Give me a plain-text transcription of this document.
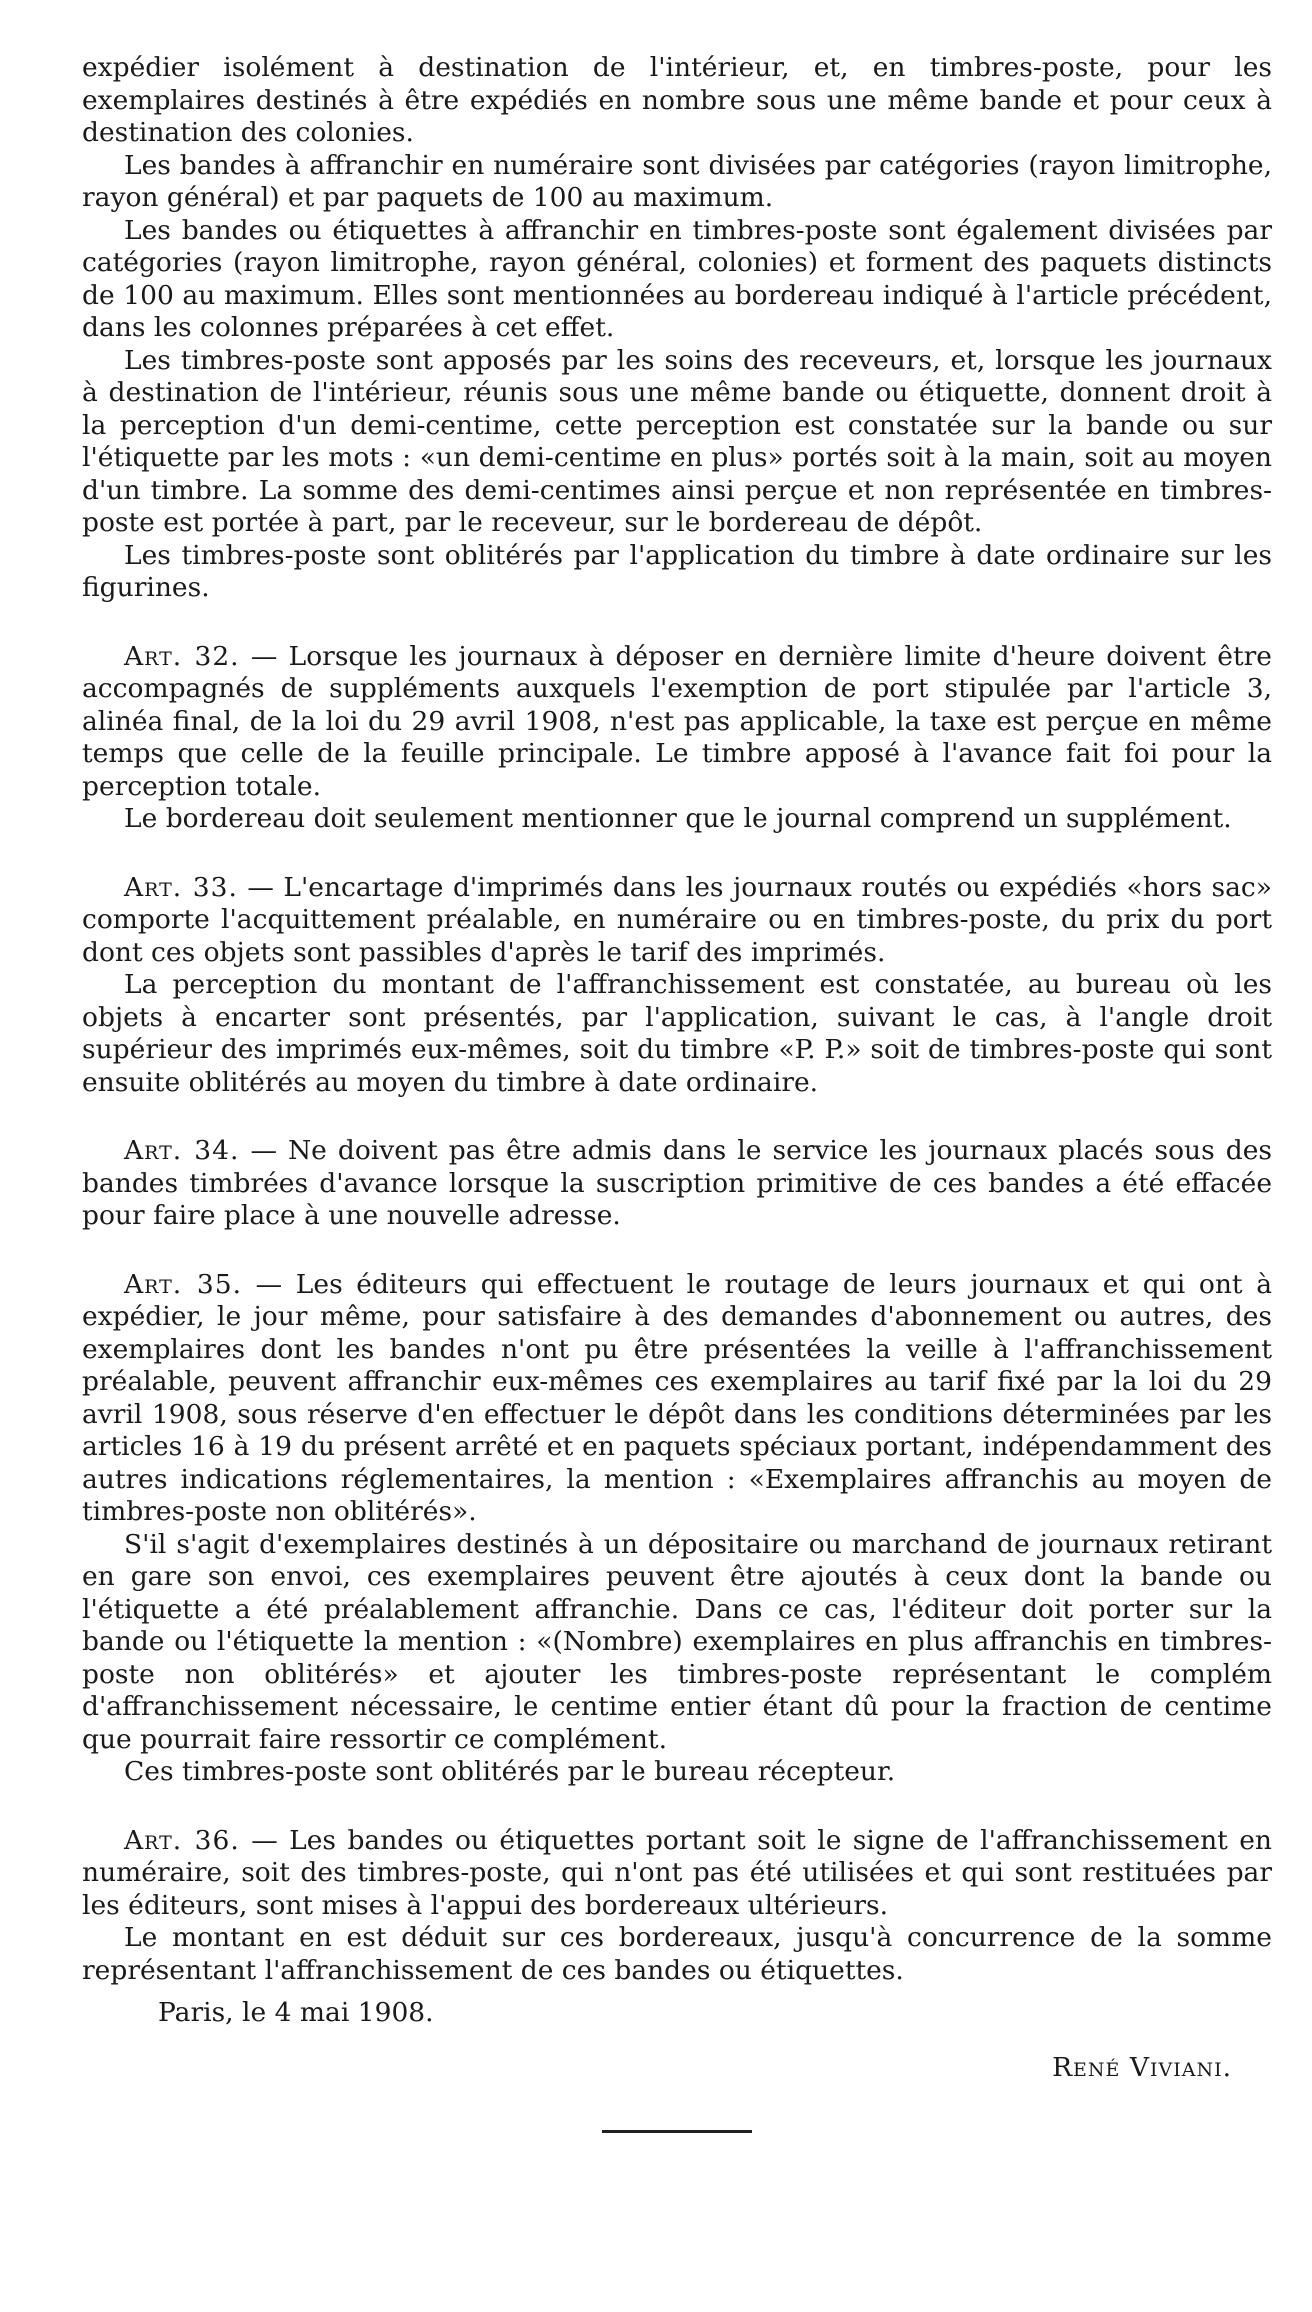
expédier isolément à destination de l'intérieur, et, en timbres-poste, pour les exemplaires destinés à être expédiés en nombre sous une même bande et pour ceux à destination des colonies.

Les bandes à affranchir en numéraire sont divisées par catégories (rayon limitrophe, rayon général) et par paquets de 100 au maximum.

Les bandes ou étiquettes à affranchir en timbres-poste sont également divisées par catégories (rayon limitrophe, rayon général, colonies) et forment des paquets distincts de 100 au maximum. Elles sont mentionnées au bordereau indiqué à l'article précédent, dans les colonnes préparées à cet effet.

Les timbres-poste sont apposés par les soins des receveurs, et, lorsque les journaux à destination de l'intérieur, réunis sous une même bande ou étiquette, donnent droit à la perception d'un demi-centime, cette perception est constatée sur la bande ou sur l'étiquette par les mots : «un demi-centime en plus» portés soit à la main, soit au moyen d'un timbre. La somme des demi-centimes ainsi perçue et non représentée en timbres-poste est portée à part, par le receveur, sur le bordereau de dépôt.

Les timbres-poste sont oblitérés par l'application du timbre à date ordinaire sur les figurines.

Art. 32. — Lorsque les journaux à déposer en dernière limite d'heure doivent être accompagnés de suppléments auxquels l'exemption de port stipulée par l'article 3, alinéa final, de la loi du 29 avril 1908, n'est pas applicable, la taxe est perçue en même temps que celle de la feuille principale. Le timbre apposé à l'avance fait foi pour la perception totale.

Le bordereau doit seulement mentionner que le journal comprend un supplément.

Art. 33. — L'encartage d'imprimés dans les journaux routés ou expédiés «hors sac» comporte l'acquittement préalable, en numéraire ou en timbres-poste, du prix du port dont ces objets sont passibles d'après le tarif des imprimés.

La perception du montant de l'affranchissement est constatée, au bureau où les objets à encarter sont présentés, par l'application, suivant le cas, à l'angle droit supérieur des imprimés eux-mêmes, soit du timbre «P. P.» soit de timbres-poste qui sont ensuite oblitérés au moyen du timbre à date ordinaire.

Art. 34. — Ne doivent pas être admis dans le service les journaux placés sous des bandes timbrées d'avance lorsque la suscription primitive de ces bandes a été effacée pour faire place à une nouvelle adresse.

Art. 35. — Les éditeurs qui effectuent le routage de leurs journaux et qui ont à expédier, le jour même, pour satisfaire à des demandes d'abonnement ou autres, des exemplaires dont les bandes n'ont pu être présentées la veille à l'affranchissement préalable, peuvent affranchir eux-mêmes ces exemplaires au tarif fixé par la loi du 29 avril 1908, sous réserve d'en effectuer le dépôt dans les conditions déterminées par les articles 16 à 19 du présent arrêté et en paquets spéciaux portant, indépendamment des autres indications réglementaires, la mention : «Exemplaires affranchis au moyen de timbres-poste non oblitérés».

S'il s'agit d'exemplaires destinés à un dépositaire ou marchand de journaux retirant en gare son envoi, ces exemplaires peuvent être ajoutés à ceux dont la bande ou l'étiquette a été préalablement affranchie. Dans ce cas, l'éditeur doit porter sur la bande ou l'étiquette la mention : «(Nombre) exemplaires en plus affranchis en timbres-poste non oblitérés» et ajouter les timbres-poste représentant le complém d'affranchissement nécessaire, le centime entier étant dû pour la fraction de centime que pourrait faire ressortir ce complément.

Ces timbres-poste sont oblitérés par le bureau récepteur.

Art. 36. — Les bandes ou étiquettes portant soit le signe de l'affranchissement en numéraire, soit des timbres-poste, qui n'ont pas été utilisées et qui sont restituées par les éditeurs, sont mises à l'appui des bordereaux ultérieurs.

Le montant en est déduit sur ces bordereaux, jusqu'à concurrence de la somme représentant l'affranchissement de ces bandes ou étiquettes.

Paris, le 4 mai 1908.

René Viviani.
